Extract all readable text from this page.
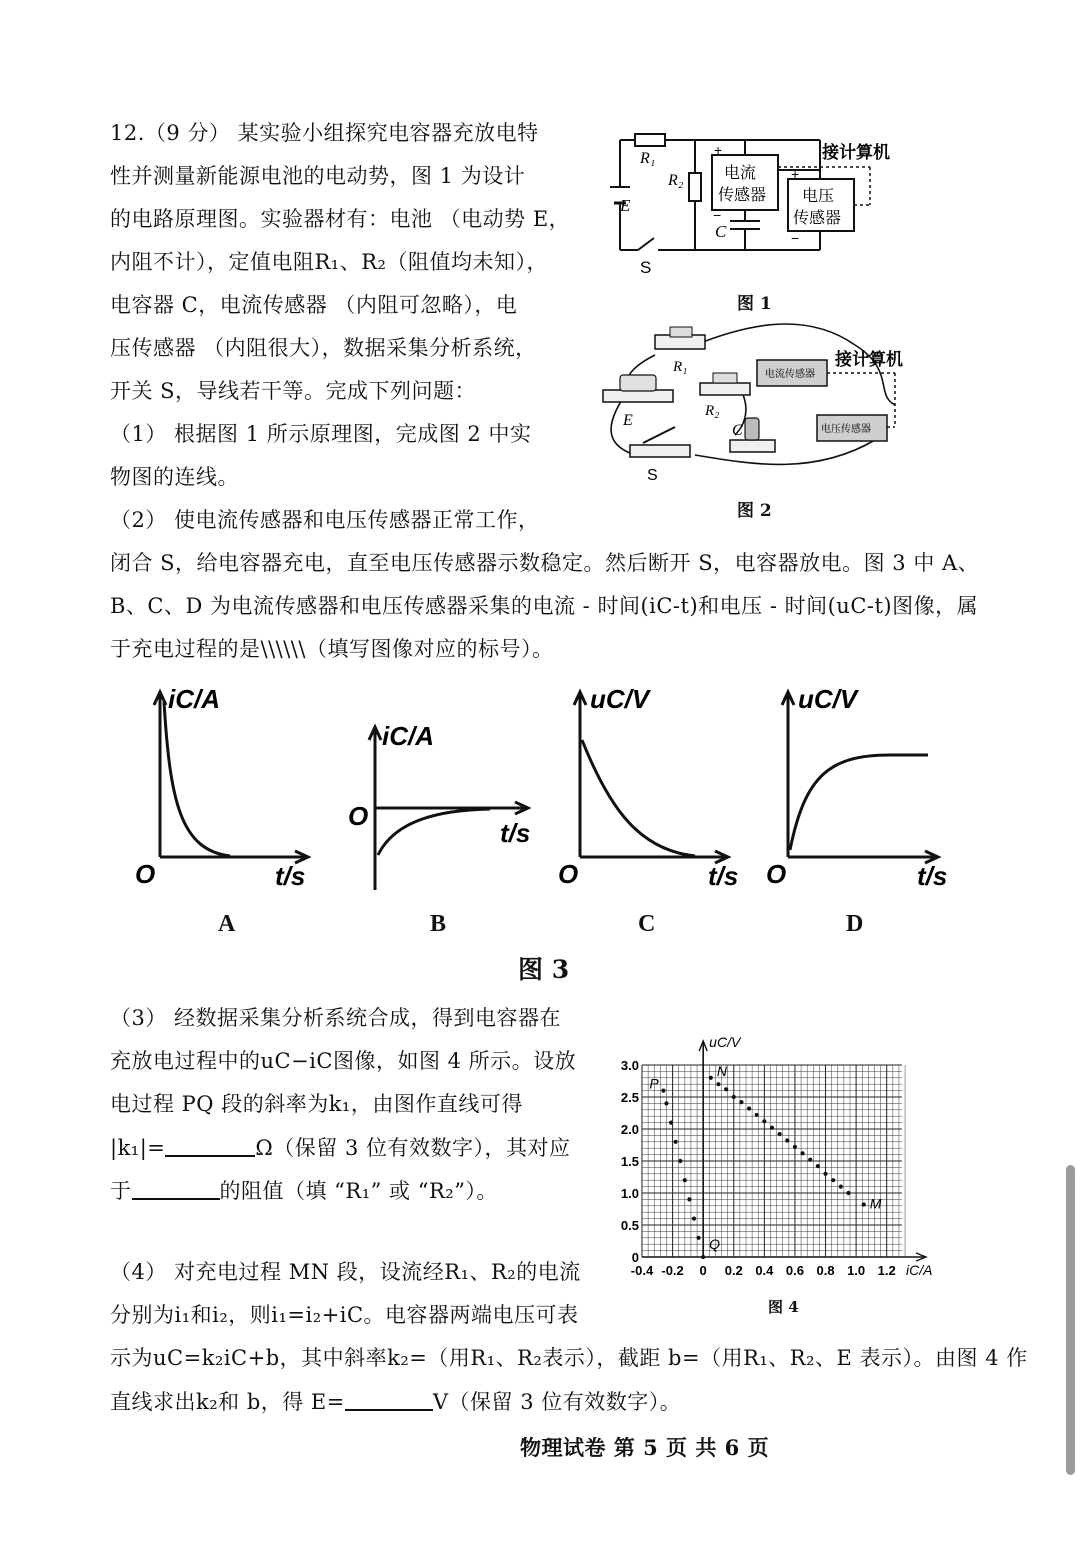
12.（9 分） 某实验小组探究电容器充放电特
性并测量新能源电池的电动势，图 1 为设计
的电路原理图。实验器材有：电池 （电动势 E，
内阻不计），定值电阻R₁、R₂（阻值均未知），
电容器 C，电流传感器 （内阻可忽略），电
压传感器 （内阻很大），数据采集分析系统，
开关 S，导线若干等。完成下列问题：
（1） 根据图 1 所示原理图，完成图 2 中实
物图的连线。
（2） 使电流传感器和电压传感器正常工作，
闭合 S，给电容器充电，直至电压传感器示数稳定。然后断开 S，电容器放电。图 3 中 A、
B、C、D 为电流传感器和电压传感器采集的电流 - 时间(iC-t)和电压 - 时间(uC-t)图像，属
于充电过程的是\\\\\\（填写图像对应的标号）。
（3） 经数据采集分析系统合成，得到电容器在
充放电过程中的uC−iC图像，如图 4 所示。设放
电过程 PQ 段的斜率为k₁，由图作直线可得
|k₁|=	Ω（保留 3 位有效数字），其对应
于	的阻值（填 “R₁” 或 “R₂”）。
（4） 对充电过程 MN 段，设流经R₁、R₂的电流
分别为i₁和i₂，则i₁=i₂+iC。电容器两端电压可表
示为uC=k₂iC+b，其中斜率k₂=（用R₁、R₂表示），截距 b=（用R₁、R₂、E 表示）。由图 4 作
直线求出k₂和 b，得 E=	V（保留 3 位有效数字）。
物理试卷 第 5 页 共 6 页
R₁
R₂
E
C
S
+
−
+
−
电流
传感器 电压
传感器
接计算机
图 1
电流传感器
电压传感器
接计算机
R₁
R₂
E
C
S
图 2
iC/A
t/s
O
iC/A
t/s
O
uC/V
t/s
O
uC/V
t/s
O
A	B	C	D
图 3
-0.4 -0.2 0 0.2 0.4 0.6 0.8 1.0 1.2
0
0.5
1.0
1.5
2.0
2.5
3.0
uC/V
iC/A
P
Q
N
M
图 4
